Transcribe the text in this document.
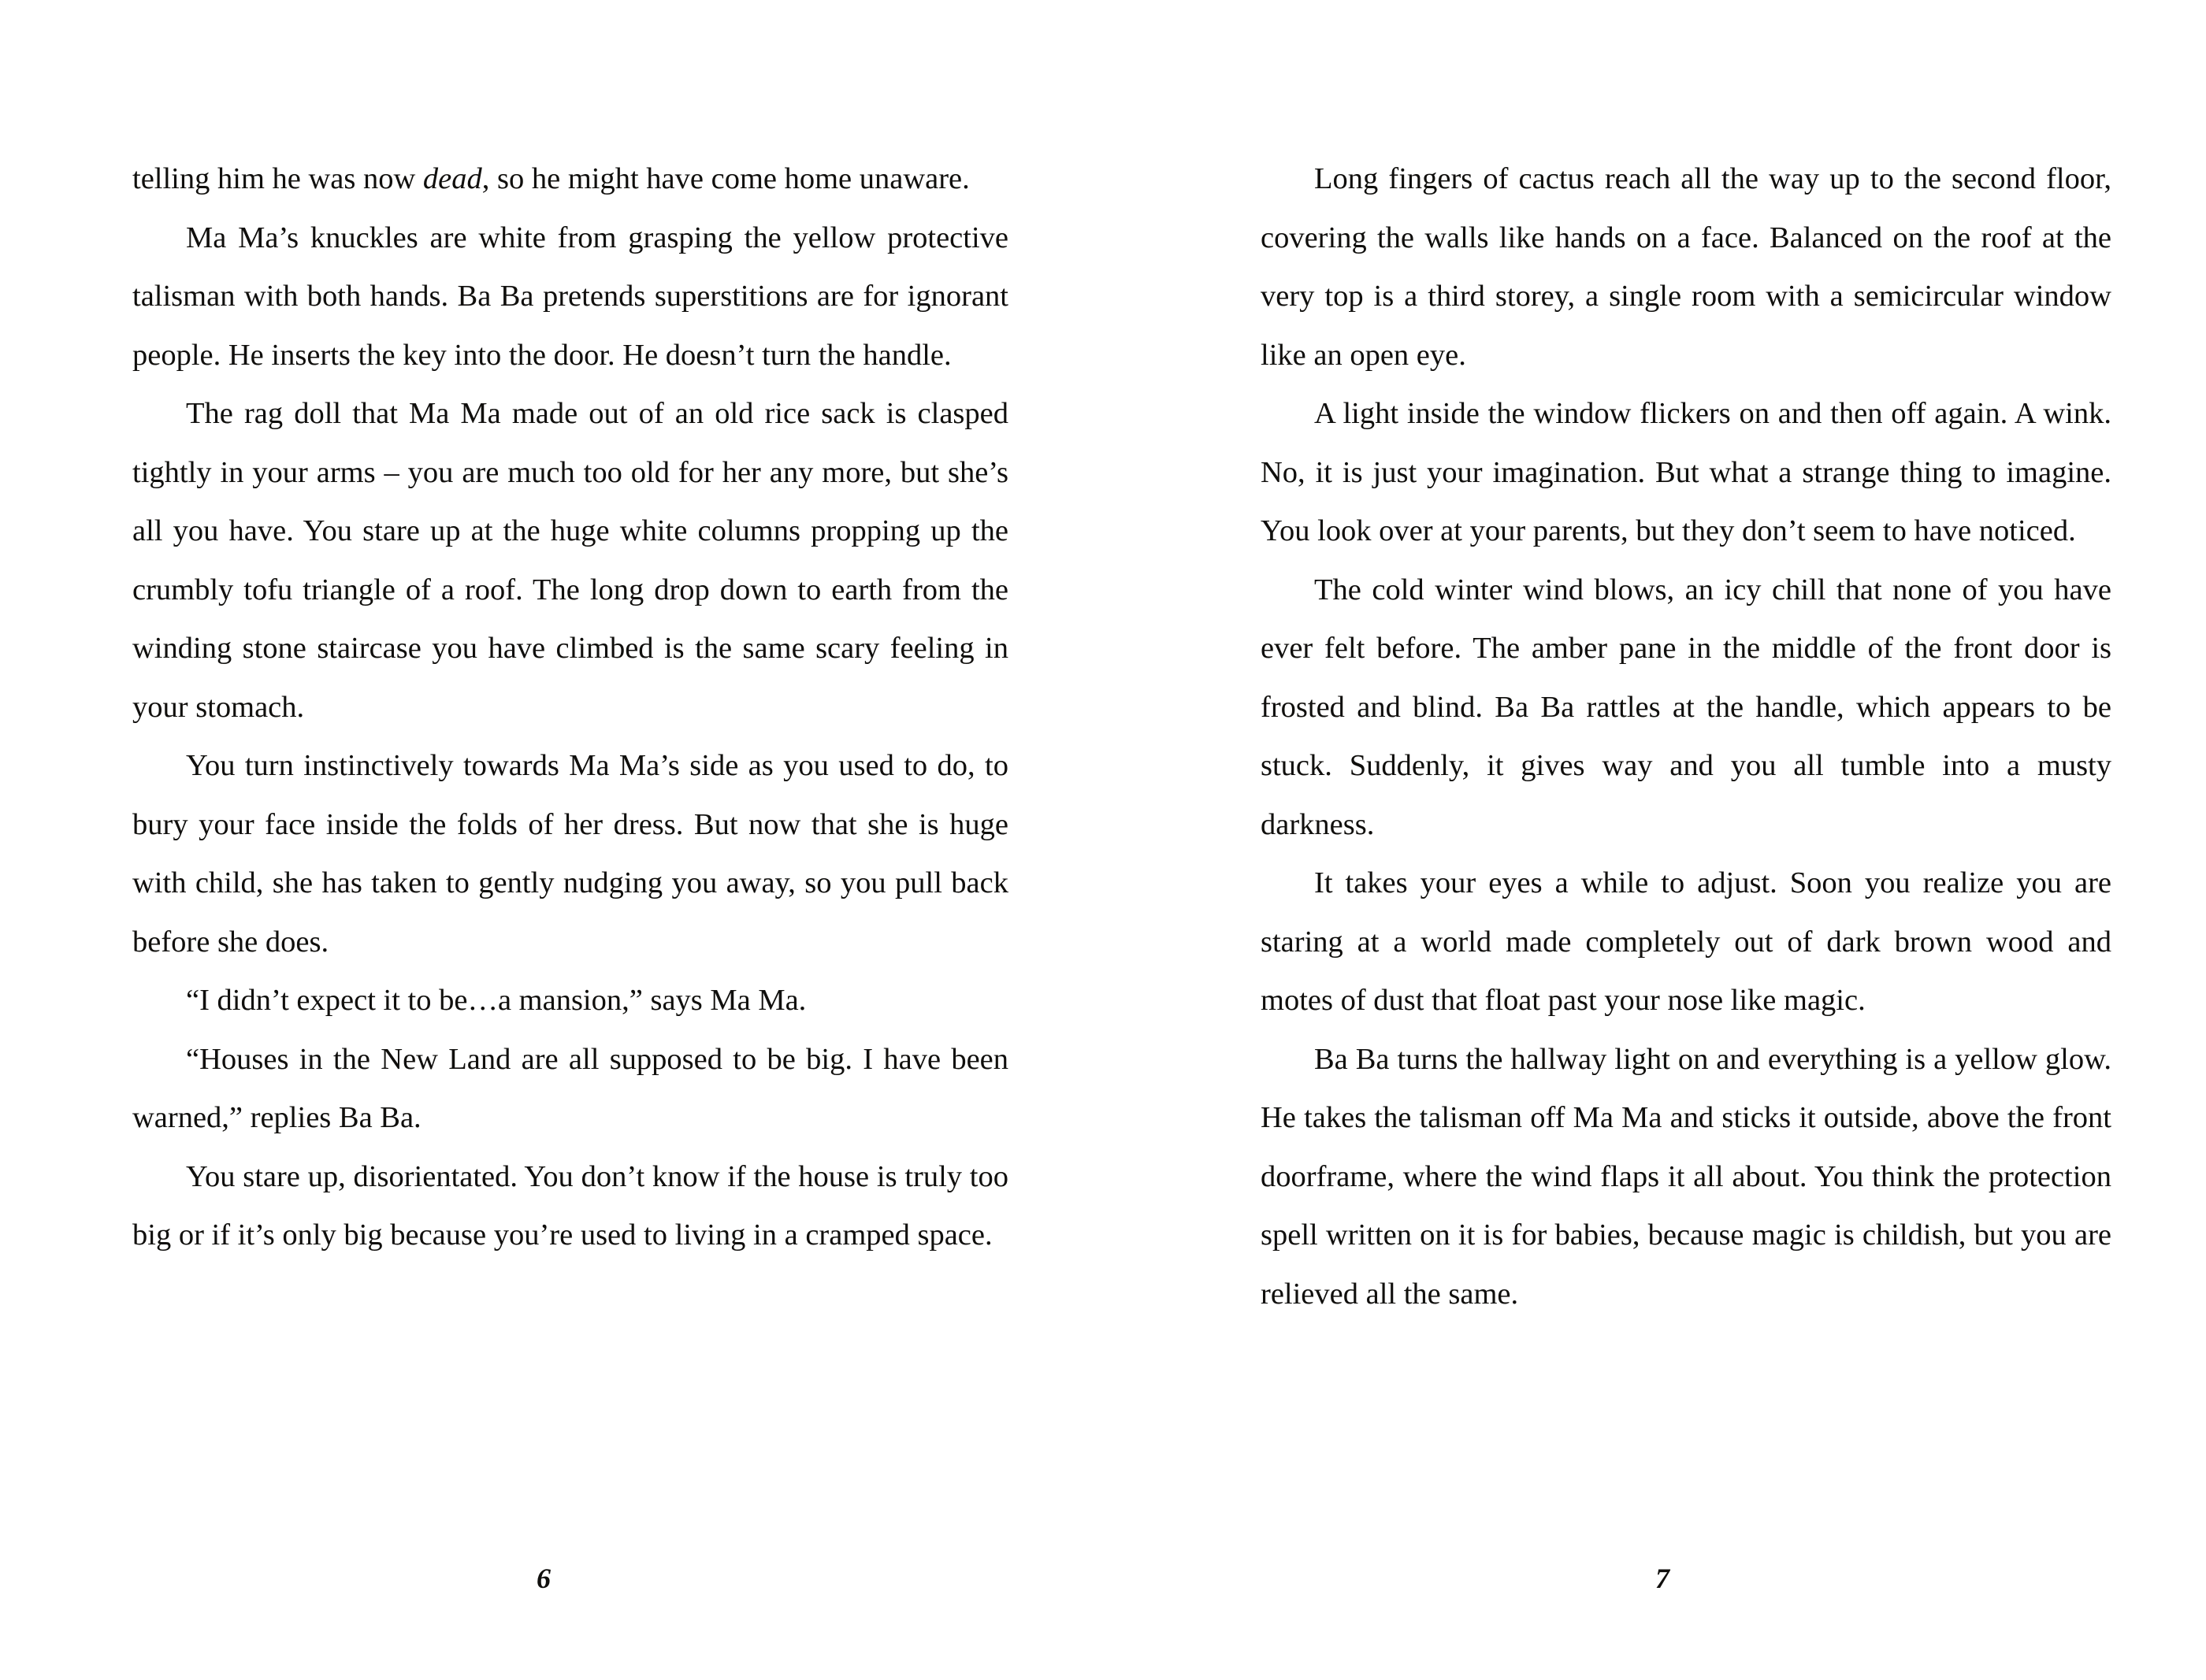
telling him he was now dead, so he might have come home unaware.

Ma Ma’s knuckles are white from grasping the yellow protective talisman with both hands. Ba Ba pretends superstitions are for ignorant people. He inserts the key into the door. He doesn’t turn the handle.

The rag doll that Ma Ma made out of an old rice sack is clasped tightly in your arms – you are much too old for her any more, but she’s all you have. You stare up at the huge white columns propping up the crumbly tofu triangle of a roof. The long drop down to earth from the winding stone staircase you have climbed is the same scary feeling in your stomach.

You turn instinctively towards Ma Ma’s side as you used to do, to bury your face inside the folds of her dress. But now that she is huge with child, she has taken to gently nudging you away, so you pull back before she does.

“I didn’t expect it to be…a mansion,” says Ma Ma.

“Houses in the New Land are all supposed to be big. I have been warned,” replies Ba Ba.

You stare up, disorientated. You don’t know if the house is truly too big or if it’s only big because you’re used to living in a cramped space.

6

Long fingers of cactus reach all the way up to the second floor, covering the walls like hands on a face. Balanced on the roof at the very top is a third storey, a single room with a semicircular window like an open eye.

A light inside the window flickers on and then off again. A wink. No, it is just your imagination. But what a strange thing to imagine. You look over at your parents, but they don’t seem to have noticed.

The cold winter wind blows, an icy chill that none of you have ever felt before. The amber pane in the middle of the front door is frosted and blind. Ba Ba rattles at the handle, which appears to be stuck. Suddenly, it gives way and you all tumble into a musty darkness.

It takes your eyes a while to adjust. Soon you realize you are staring at a world made completely out of dark brown wood and motes of dust that float past your nose like magic.

Ba Ba turns the hallway light on and everything is a yellow glow. He takes the talisman off Ma Ma and sticks it outside, above the front doorframe, where the wind flaps it all about. You think the protection spell written on it is for babies, because magic is childish, but you are relieved all the same.

7
